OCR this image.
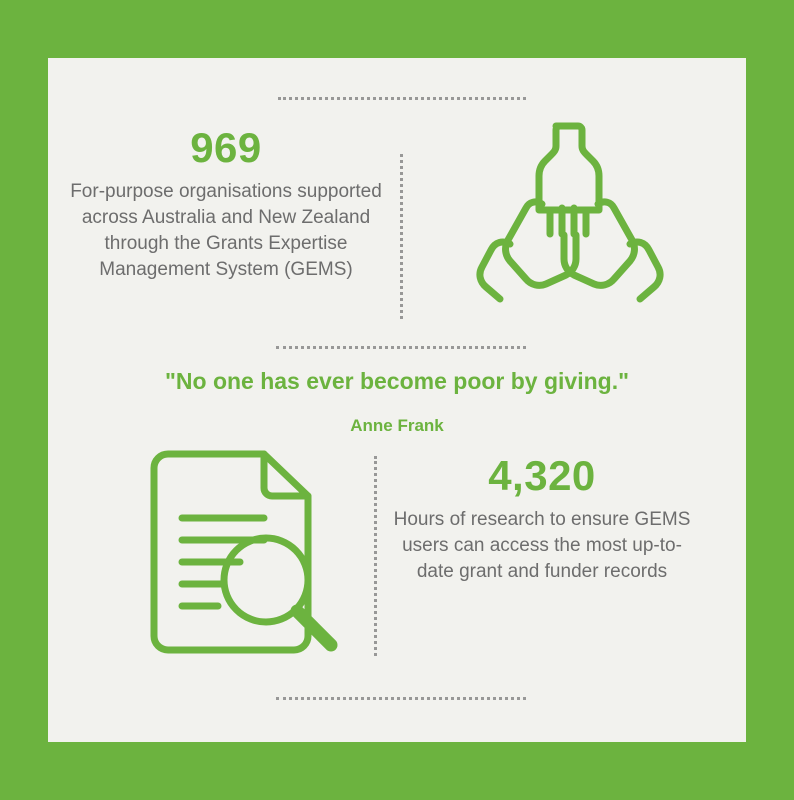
969
For-purpose organisations supported across Australia and New Zealand through the Grants Expertise Management System (GEMS)
"No one has ever become poor by giving."
Anne Frank
4,320
Hours of research to ensure GEMS users can access the most up-to-date grant and funder records
